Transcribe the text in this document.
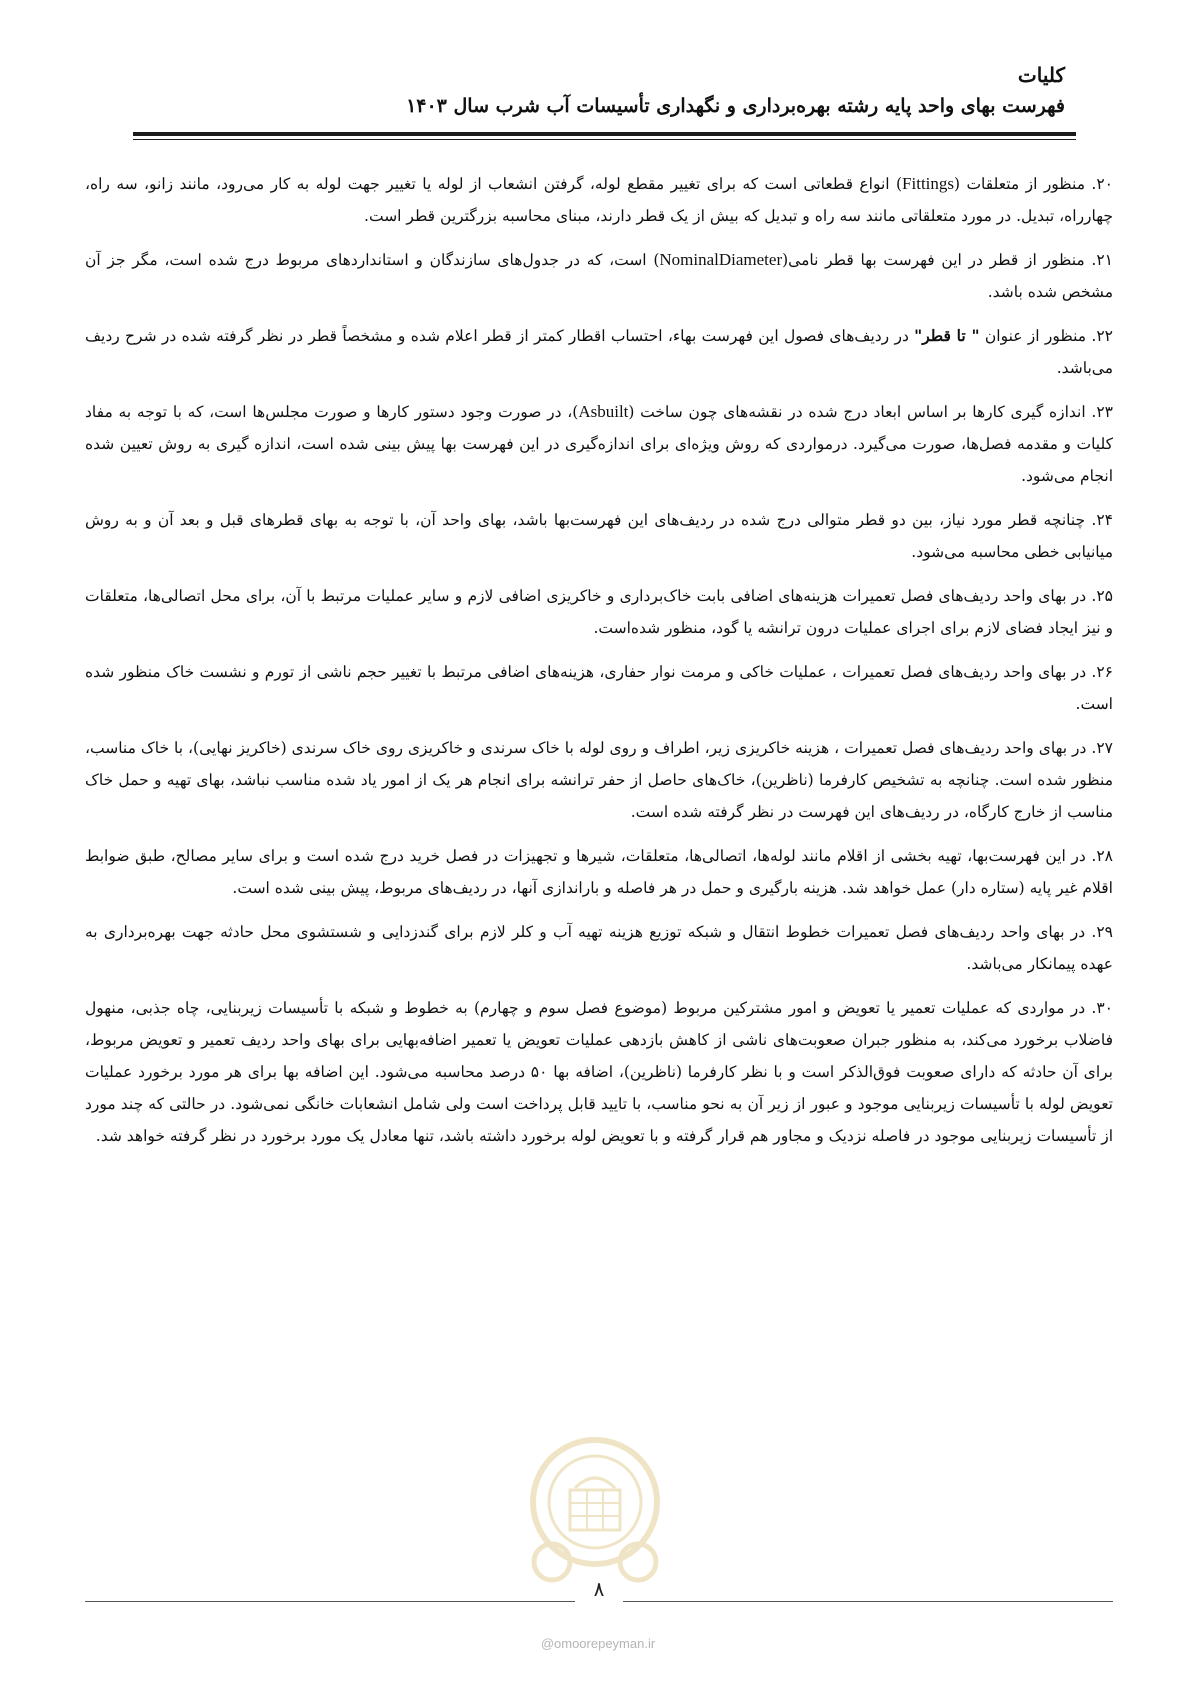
کلیات

فهرست بهای واحد پایه رشته بهره‌برداری و نگهداری تأسیسات آب شرب سال ۱۴۰۳

۲۰. منظور از متعلقات (Fittings) انواع قطعاتی است که برای تغییر مقطع لوله، گرفتن انشعاب از لوله یا تغییر جهت لوله به کار می‌رود، مانند زانو، سه راه، چهارراه، تبدیل. در مورد متعلقاتی مانند سه راه و تبدیل که بیش از یک قطر دارند، مبنای محاسبه بزرگترین قطر است.

۲۱. منظور از قطر در این فهرست بها قطر نامی(NominalDiameter) است، که در جدول‌های سازندگان و استانداردهای مربوط درج شده است، مگر جز آن مشخص شده باشد.

۲۲. منظور از عنوان " تا قطر" در ردیف‌های فصول این فهرست بهاء، احتساب اقطار کمتر از قطر اعلام شده و مشخصاً قطر در نظر گرفته شده در شرح ردیف می‌باشد.

۲۳. اندازه گیری کارها بر اساس ابعاد درج شده در نقشه‌های چون ساخت (Asbuilt)، در صورت وجود دستور کارها و صورت مجلس‌ها است، که با توجه به مفاد کلیات و مقدمه فصل‌ها، صورت می‌گیرد. درمواردی که روش ویژه‌ای برای اندازه‌گیری در این فهرست بها پیش بینی شده است، اندازه گیری به روش تعیین شده انجام می‌شود.

۲۴. چنانچه قطر مورد نیاز، بین دو قطر متوالی درج شده در ردیف‌های این فهرست‌بها باشد، بهای واحد آن، با توجه به بهای قطرهای قبل و بعد آن و به روش میانیابی خطی محاسبه می‌شود.

۲۵. در بهای واحد ردیف‌های فصل تعمیرات هزینه‌های اضافی بابت خاک‌برداری و خاکریزی اضافی لازم و سایر عملیات مرتبط با آن، برای محل اتصالی‌ها، متعلقات و نیز ایجاد فضای لازم برای اجرای عملیات درون ترانشه یا گود، منظور شده‌است.

۲۶. در بهای واحد ردیف‌های فصل تعمیرات ، عملیات خاکی و مرمت نوار حفاری، هزینه‌های اضافی مرتبط با تغییر حجم ناشی از تورم و نشست خاک منظور شده است.

۲۷. در بهای واحد ردیف‌های فصل تعمیرات ، هزینه خاکریزی زیر، اطراف و روی لوله با خاک سرندی و خاکریزی روی خاک سرندی (خاکریز نهایی)، با خاک مناسب، منظور شده است. چنانچه به تشخیص کارفرما (ناظرین)، خاک‌های حاصل از حفر ترانشه برای انجام هر یک از امور یاد شده مناسب نباشد، بهای تهیه و حمل خاک مناسب از خارج کارگاه، در ردیف‌های این فهرست در نظر گرفته شده است.

۲۸. در این فهرست‌بها، تهیه بخشی از اقلام مانند لوله‌ها، اتصالی‌ها، متعلقات، شیرها و تجهیزات در فصل خرید درج شده است و برای سایر مصالح، طبق ضوابط اقلام غیر پایه (ستاره دار) عمل خواهد شد. هزینه بارگیری و حمل در هر فاصله و باراندازی آنها، در ردیف‌های مربوط، پیش بینی شده است.

۲۹. در بهای واحد ردیف‌های فصل تعمیرات خطوط انتقال و شبکه توزیع هزینه تهیه آب و کلر لازم برای گندزدایی و شستشوی محل حادثه جهت بهره‌برداری به عهده پیمانکار می‌باشد.

۳۰. در مواردی که عملیات تعمیر یا تعویض و امور مشترکین مربوط (موضوع فصل سوم و چهارم) به خطوط و شبکه با تأسیسات زیربنایی، چاه جذبی، منهول فاضلاب برخورد می‌کند، به منظور جبران صعوبت‌های ناشی از کاهش بازدهی عملیات تعویض یا تعمیر اضافه‌بهایی برای بهای واحد ردیف تعمیر و تعویض مربوط، برای آن حادثه که دارای صعوبت فوق‌الذکر است و با نظر کارفرما (ناظرین)، اضافه بها ۵۰ درصد محاسبه می‌شود. این اضافه بها برای هر مورد برخورد عملیات تعویض لوله با تأسیسات زیربنایی موجود و عبور از زیر آن به نحو مناسب، با تایید قابل پرداخت است ولی شامل انشعابات خانگی نمی‌شود. در حالتی که چند مورد از تأسیسات زیربنایی موجود در فاصله نزدیک و مجاور هم قرار گرفته و با تعویض لوله برخورد داشته باشد، تنها معادل یک مورد برخورد در نظر گرفته خواهد شد.

۸
@omoorepeyman.ir
